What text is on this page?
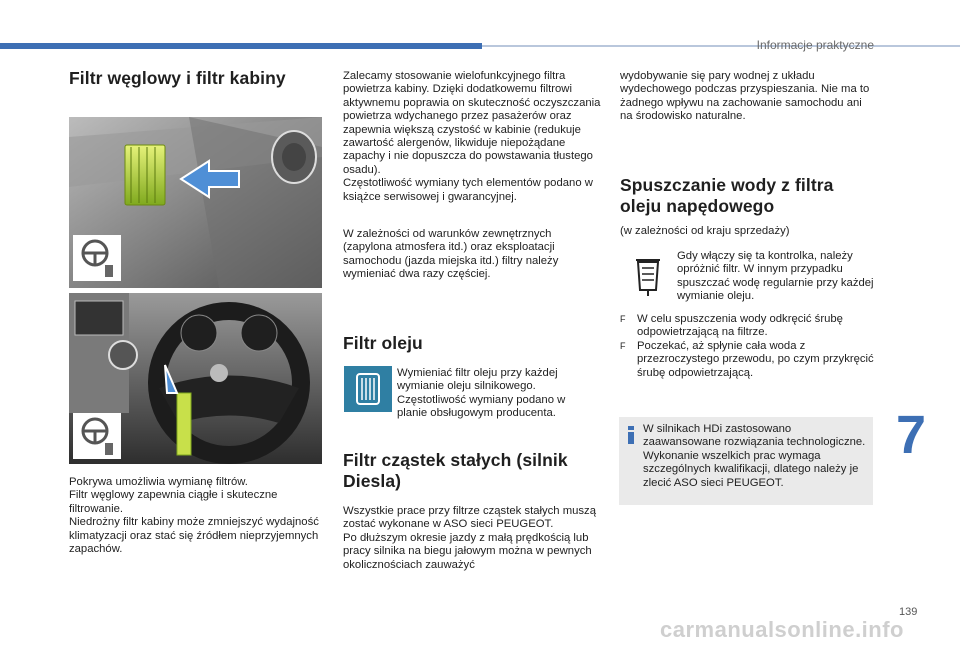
Informacje praktyczne
Filtr węglowy i filtr kabiny

Pokrywa umożliwia wymianę filtrów.
Filtr węglowy zapewnia ciągłe i skuteczne filtrowanie.
Niedrożny filtr kabiny może zmniejszyć wydajność klimatyzacji oraz stać się źródłem nieprzyjemnych zapachów.

Zalecamy stosowanie wielofunkcyjnego filtra powietrza kabiny. Dzięki dodatkowemu filtrowi aktywnemu poprawia on skuteczność oczyszczania powietrza wdychanego przez pasażerów oraz zapewnia większą czystość w kabinie (redukuje zawartość alergenów, likwiduje niepożądane zapachy i nie dopuszcza do powstawania tłustego osadu).
Częstotliwość wymiany tych elementów podano w książce serwisowej i gwarancyjnej.

W zależności od warunków zewnętrznych (zapylona atmosfera itd.) oraz eksploatacji samochodu (jazda miejska itd.) filtry należy wymieniać dwa razy częściej.

Filtr oleju

Wymieniać filtr oleju przy każdej wymianie oleju silnikowego.
Częstotliwość wymiany podano w planie obsługowym producenta.

Filtr cząstek stałych (silnik Diesla)

Wszystkie prace przy filtrze cząstek stałych muszą zostać wykonane w ASO sieci PEUGEOT.
Po dłuższym okresie jazdy z małą prędkością lub pracy silnika na biegu jałowym można w pewnych okolicznościach zauważyć

wydobywanie się pary wodnej z układu wydechowego podczas przyspieszania. Nie ma to żadnego wpływu na zachowanie samochodu ani na środowisko naturalne.

Spuszczanie wody z filtra oleju napędowego

(w zależności od kraju sprzedaży)

Gdy włączy się ta kontrolka, należy opróżnić filtr. W innym przypadku spuszczać wodę regularnie przy każdej wymianie oleju.

F W celu spuszczenia wody odkręcić śrubę odpowietrzającą na filtrze.
F Poczekać, aż spłynie cała woda z przezroczystego przewodu, po czym przykręcić śrubę odpowietrzającą.

W silnikach HDi zastosowano zaawansowane rozwiązania technologiczne. Wykonanie wszelkich prac wymaga szczególnych kwalifikacji, dlatego należy je zlecić ASO sieci PEUGEOT.

7
139
carmanualsonline.info
